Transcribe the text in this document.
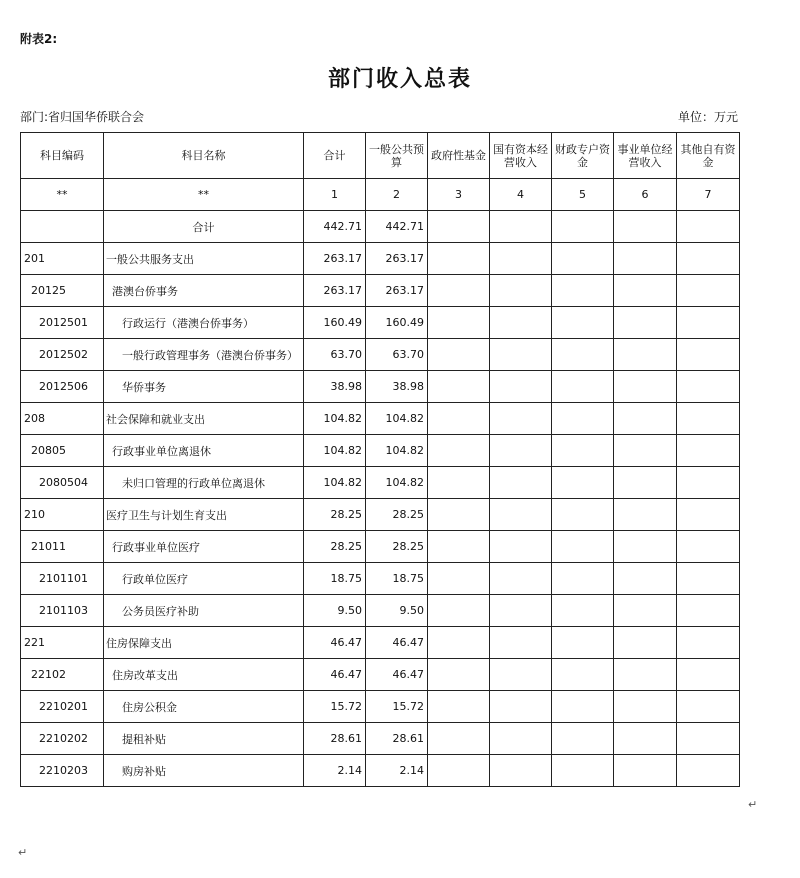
附表2:
部门收入总表
部门:省归国华侨联合会	单位：万元
科目编码	科目名称	合计	一般公共预算	政府性基金	国有资本经营收入	财政专户资金	事业单位经营收入	其他自有资金
**	**	1	2	3	4	5	6	7
	合计	442.71	442.71					
201	一般公共服务支出	263.17	263.17					
20125	港澳台侨事务	263.17	263.17					
2012501	行政运行（港澳台侨事务）	160.49	160.49					
2012502	一般行政管理事务（港澳台侨事务）	63.70	63.70					
2012506	华侨事务	38.98	38.98					
208	社会保障和就业支出	104.82	104.82					
20805	行政事业单位离退休	104.82	104.82					
2080504	未归口管理的行政单位离退休	104.82	104.82					
210	医疗卫生与计划生育支出	28.25	28.25					
21011	行政事业单位医疗	28.25	28.25					
2101101	行政单位医疗	18.75	18.75					
2101103	公务员医疗补助	9.50	9.50					
221	住房保障支出	46.47	46.47					
22102	住房改革支出	46.47	46.47					
2210201	住房公积金	15.72	15.72					
2210202	提租补贴	28.61	28.61					
2210203	购房补贴	2.14	2.14					
↵
↵
